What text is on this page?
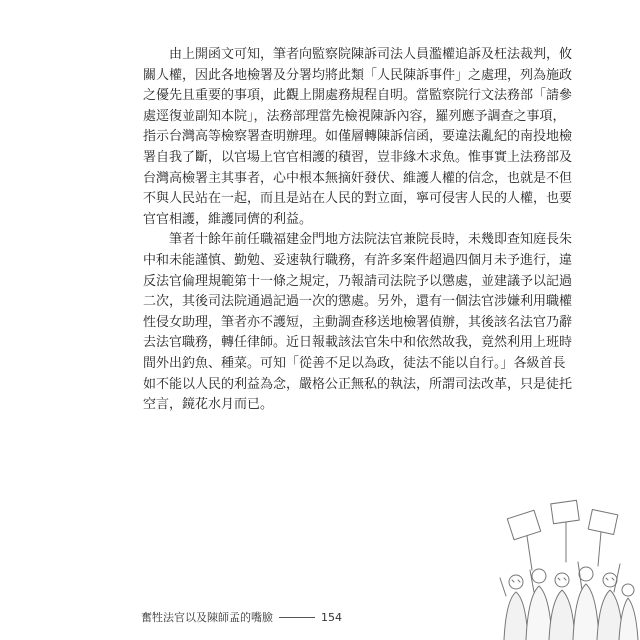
由上開函文可知，筆者向監察院陳訴司法人員濫權追訴及枉法裁判，攸
關人權，因此各地檢署及分署均將此類「人民陳訴事件」之處理，列為施政
之優先且重要的事項，此觀上開處務規程自明。當監察院行文法務部「請參
處逕復並副知本院」，法務部理當先檢視陳訴內容，羅列應予調查之事項，
指示台灣高等檢察署查明辦理。如僅層轉陳訴信函，要違法亂紀的南投地檢
署自我了斷，以官場上官官相護的積習，豈非緣木求魚。惟事實上法務部及
台灣高檢署主其事者，心中根本無摘奸發伏、維護人權的信念，也就是不但
不與人民站在一起，而且是站在人民的對立面，寧可侵害人民的人權，也要
官官相護，維護同儕的利益。

筆者十餘年前任職福建金門地方法院法官兼院長時，未幾即查知庭長朱
中和未能謹慎、勤勉、妥速執行職務，有許多案件超過四個月未予進行，違
反法官倫理規範第十一條之規定，乃報請司法院予以懲處，並建議予以記過
二次，其後司法院通過記過一次的懲處。另外，還有一個法官涉嫌利用職權
性侵女助理，筆者亦不護短，主動調查移送地檢署偵辦，其後該名法官乃辭
去法官職務，轉任律師。近日報載該法官朱中和依然故我，竟然利用上班時
間外出釣魚、種菜。可知「從善不足以為政，徒法不能以自行。」各級首長
如不能以人民的利益為念，嚴格公正無私的執法，所謂司法改革，只是徒托
空言，鏡花水月而已。

奮牲法官以及陳師孟的嘴臉	154
